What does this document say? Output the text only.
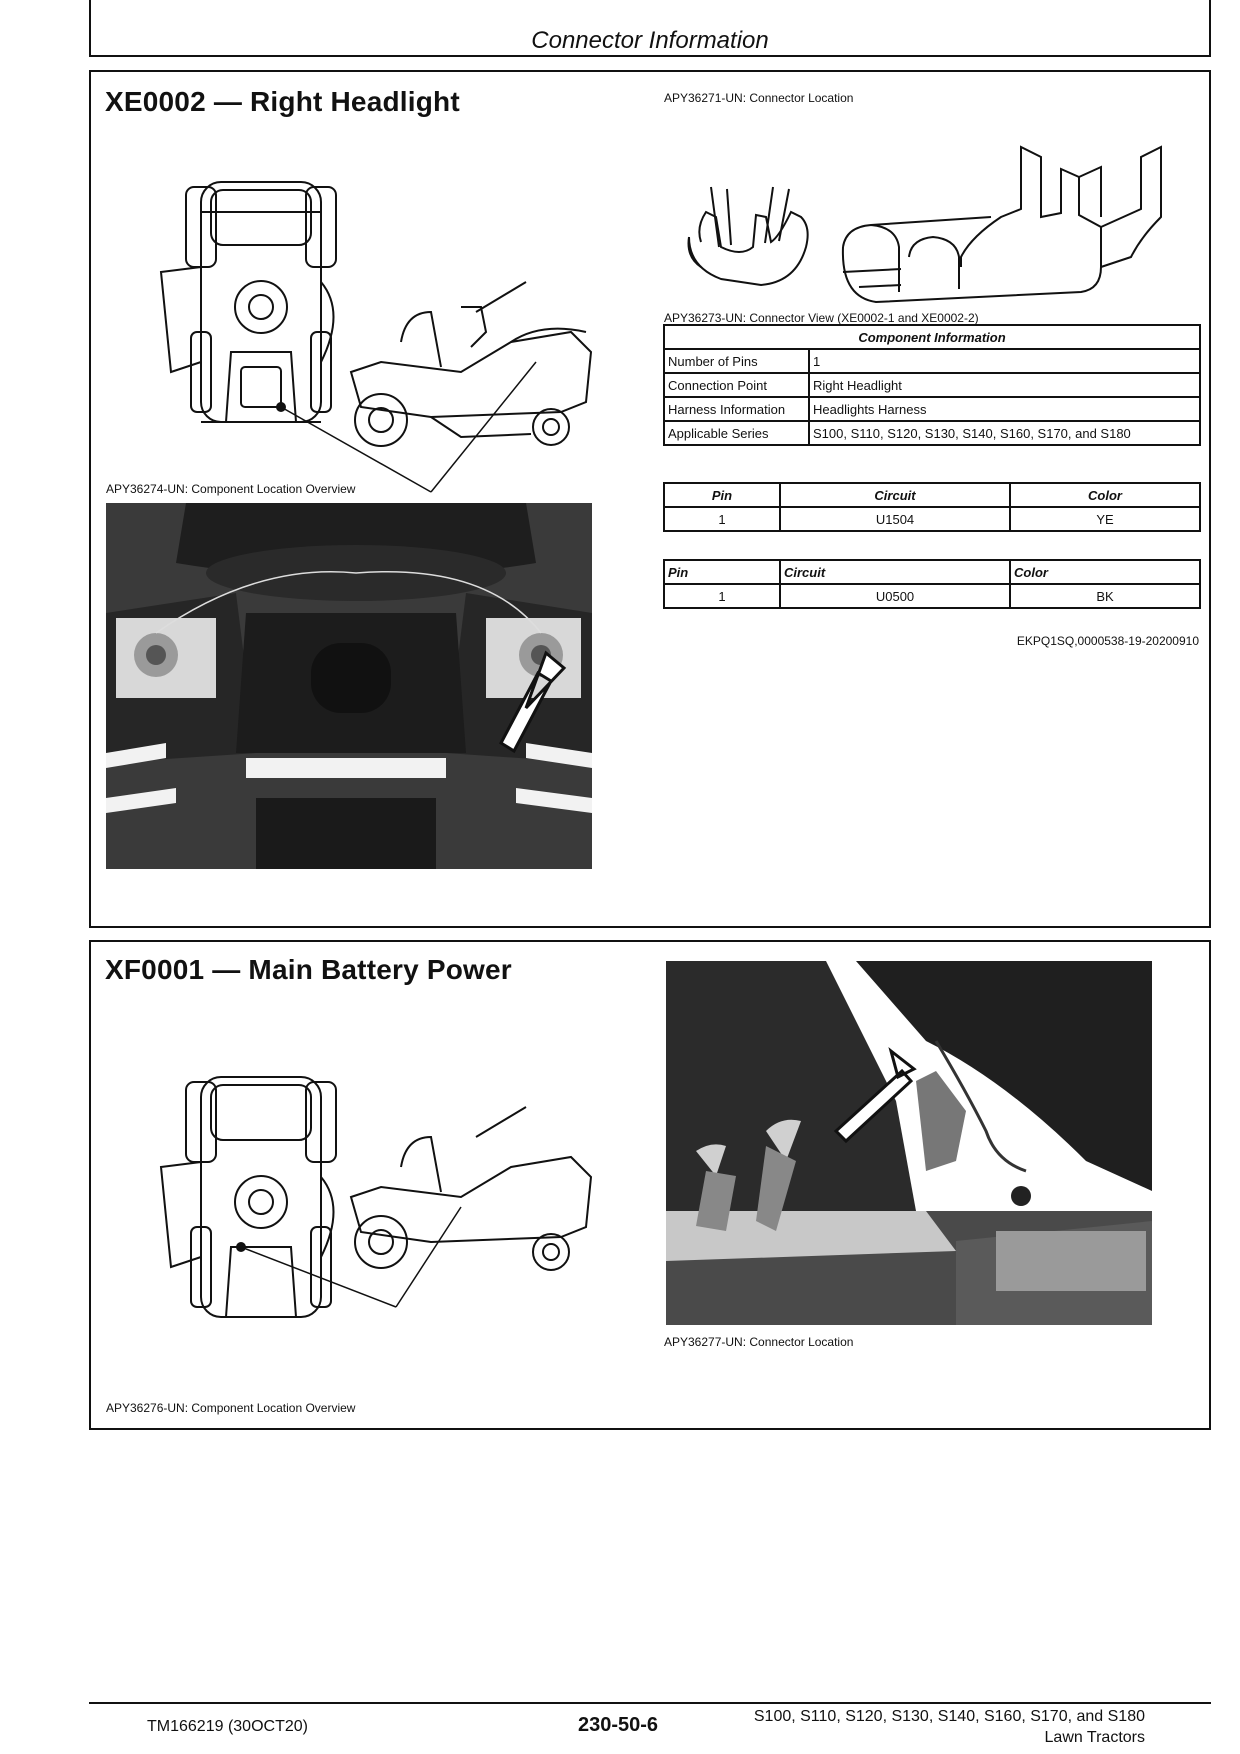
Connector Information
XE0002 — Right Headlight	APY36271-UN: Connector Location
APY36273-UN: Connector View (XE0002-1 and XE0002-2)
Component Information	
Number of Pins	1
Connection Point	Right Headlight
Harness Information	Headlights Harness
Applicable Series	S100, S110, S120, S130, S140, S160, S170, and S180
Pin	Circuit	Color
1	U1504	YE
Pin	Circuit	Color
1	U0500	BK
EKPQ1SQ,0000538-19-20200910
APY36274-UN: Component Location Overview
XF0001 — Main Battery Power
APY36276-UN: Component Location Overview
APY36277-UN: Connector Location
TM166219 (30OCT20)	230-50-6	S100, S110, S120, S130, S140, S160, S170, and S180
Lawn Tractors
